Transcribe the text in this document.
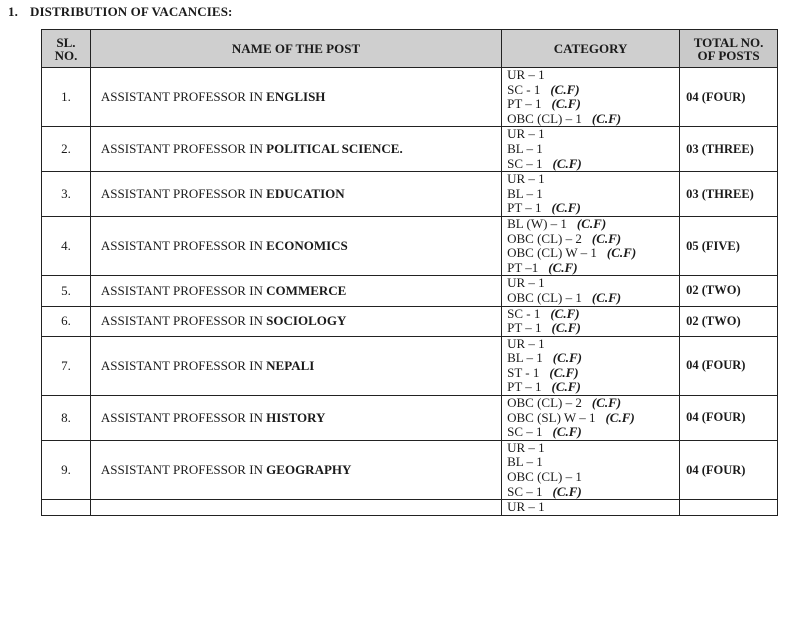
1. DISTRIBUTION OF VACANCIES:
SL.
NO.	NAME OF THE POST	CATEGORY	TOTAL NO.
OF POSTS
1.	ASSISTANT PROFESSOR IN ENGLISH	UR – 1
SC - 1 (C.F)
PT – 1 (C.F)
OBC (CL) – 1 (C.F)	04 (FOUR)
2.	ASSISTANT PROFESSOR IN POLITICAL SCIENCE.	UR – 1
BL – 1
SC – 1 (C.F)	03 (THREE)
3.	ASSISTANT PROFESSOR IN EDUCATION	UR – 1
BL – 1
PT – 1 (C.F)	03 (THREE)
4.	ASSISTANT PROFESSOR IN ECONOMICS	BL (W) – 1 (C.F)
OBC (CL) – 2 (C.F)
OBC (CL) W – 1 (C.F)
PT –1 (C.F)	05 (FIVE)
5.	ASSISTANT PROFESSOR IN COMMERCE	UR – 1
OBC (CL) – 1 (C.F)	02 (TWO)
6.	ASSISTANT PROFESSOR IN SOCIOLOGY	SC - 1 (C.F)
PT – 1 (C.F)	02 (TWO)
7.	ASSISTANT PROFESSOR IN NEPALI	UR – 1
BL – 1 (C.F)
ST - 1 (C.F)
PT – 1 (C.F)	04 (FOUR)
8.	ASSISTANT PROFESSOR IN HISTORY	OBC (CL) – 2 (C.F)
OBC (SL) W – 1 (C.F)
SC – 1 (C.F)	04 (FOUR)
9.	ASSISTANT PROFESSOR IN GEOGRAPHY	UR – 1
BL – 1
OBC (CL) – 1
SC – 1 (C.F)	04 (FOUR)

		UR – 1	
